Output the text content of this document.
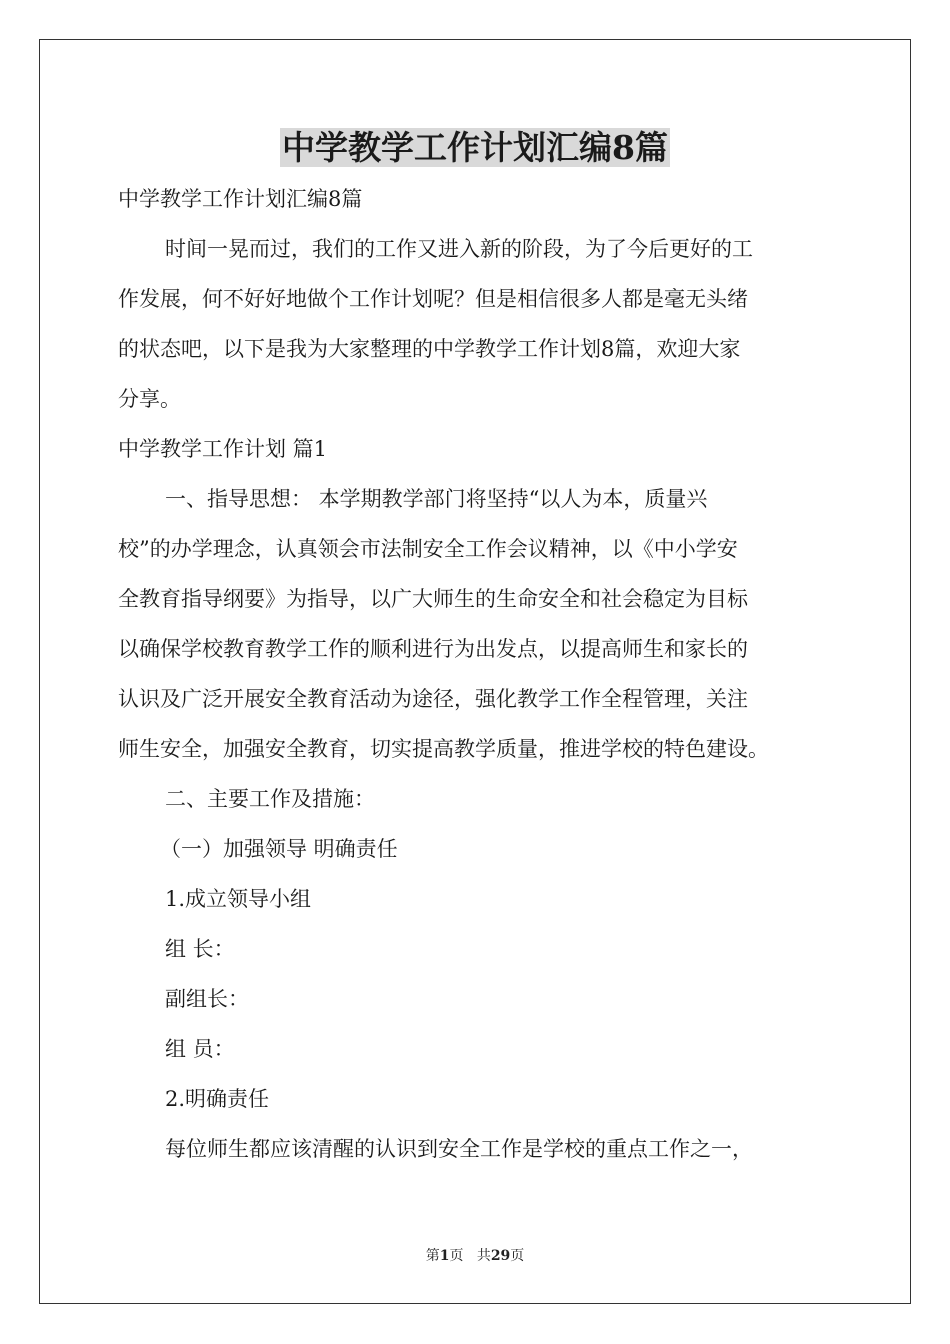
中学教学工作计划汇编8篇

中学教学工作计划汇编8篇

时间一晃而过，我们的工作又进入新的阶段，为了今后更好的工

作发展，何不好好地做个工作计划呢？但是相信很多人都是毫无头绪

的状态吧，以下是我为大家整理的中学教学工作计划8篇，欢迎大家

分享。

中学教学工作计划 篇1

一、指导思想： 本学期教学部门将坚持“以人为本，质量兴

校”的办学理念，认真领会市法制安全工作会议精神，以《中小学安

全教育指导纲要》为指导，以广大师生的生命安全和社会稳定为目标

以确保学校教育教学工作的顺利进行为出发点，以提高师生和家长的

认识及广泛开展安全教育活动为途径，强化教学工作全程管理，关注

师生安全，加强安全教育，切实提高教学质量，推进学校的特色建设。

二、主要工作及措施：

（一）加强领导 明确责任

1.成立领导小组

组 长：

副组长：

组 员：

2.明确责任

每位师生都应该清醒的认识到安全工作是学校的重点工作之一，

第1页 共29页
